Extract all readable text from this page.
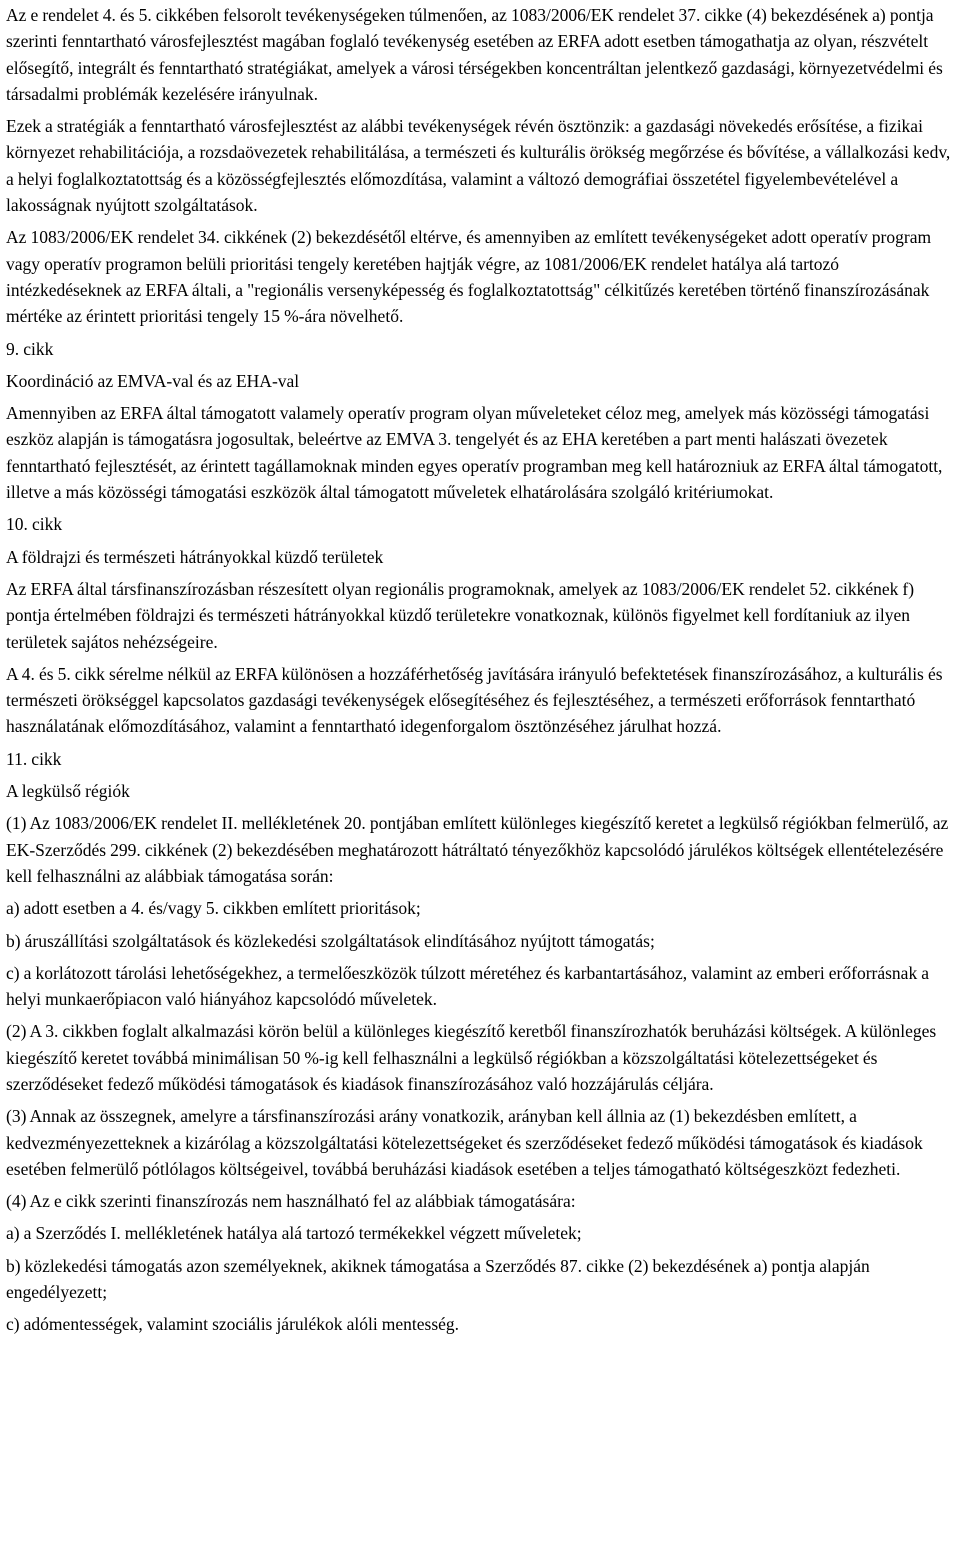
Az e rendelet 4. és 5. cikkében felsorolt tevékenységeken túlmenően, az 1083/2006/EK rendelet 37. cikke (4) bekezdésének a) pontja szerinti fenntartható városfejlesztést magában foglaló tevékenység esetében az ERFA adott esetben támogathatja az olyan, részvételt elősegítő, integrált és fenntartható stratégiákat, amelyek a városi térségekben koncentráltan jelentkező gazdasági, környezetvédelmi és társadalmi problémák kezelésére irányulnak.

Ezek a stratégiák a fenntartható városfejlesztést az alábbi tevékenységek révén ösztönzik: a gazdasági növekedés erősítése, a fizikai környezet rehabilitációja, a rozsdaövezetek rehabilitálása, a természeti és kulturális örökség megőrzése és bővítése, a vállalkozási kedv, a helyi foglalkoztatottság és a közösségfejlesztés előmozdítása, valamint a változó demográfiai összetétel figyelembevételével a lakosságnak nyújtott szolgáltatások.

Az 1083/2006/EK rendelet 34. cikkének (2) bekezdésétől eltérve, és amennyiben az említett tevékenységeket adott operatív program vagy operatív programon belüli prioritási tengely keretében hajtják végre, az 1081/2006/EK rendelet hatálya alá tartozó intézkedéseknek az ERFA általi, a "regionális versenyképesség és foglalkoztatottság" célkitűzés keretében történő finanszírozásának mértéke az érintett prioritási tengely 15 %-ára növelhető.

9. cikk

Koordináció az EMVA-val és az EHA-val

Amennyiben az ERFA által támogatott valamely operatív program olyan műveleteket céloz meg, amelyek más közösségi támogatási eszköz alapján is támogatásra jogosultak, beleértve az EMVA 3. tengelyét és az EHA keretében a part menti halászati övezetek fenntartható fejlesztését, az érintett tagállamoknak minden egyes operatív programban meg kell határozniuk az ERFA által támogatott, illetve a más közösségi támogatási eszközök által támogatott műveletek elhatárolására szolgáló kritériumokat.

10. cikk

A földrajzi és természeti hátrányokkal küzdő területek

Az ERFA által társfinanszírozásban részesített olyan regionális programoknak, amelyek az 1083/2006/EK rendelet 52. cikkének f) pontja értelmében földrajzi és természeti hátrányokkal küzdő területekre vonatkoznak, különös figyelmet kell fordítaniuk az ilyen területek sajátos nehézségeire.

A 4. és 5. cikk sérelme nélkül az ERFA különösen a hozzáférhetőség javítására irányuló befektetések finanszírozásához, a kulturális és természeti örökséggel kapcsolatos gazdasági tevékenységek elősegítéséhez és fejlesztéséhez, a természeti erőforrások fenntartható használatának előmozdításához, valamint a fenntartható idegenforgalom ösztönzéséhez járulhat hozzá.

11. cikk

A legkülső régiók

(1) Az 1083/2006/EK rendelet II. mellékletének 20. pontjában említett különleges kiegészítő keretet a legkülső régiókban felmerülő, az EK-Szerződés 299. cikkének (2) bekezdésében meghatározott hátráltató tényezőkhöz kapcsolódó járulékos költségek ellentételezésére kell felhasználni az alábbiak támogatása során:

a) adott esetben a 4. és/vagy 5. cikkben említett prioritások;

b) áruszállítási szolgáltatások és közlekedési szolgáltatások elindításához nyújtott támogatás;

c) a korlátozott tárolási lehetőségekhez, a termelőeszközök túlzott méretéhez és karbantartásához, valamint az emberi erőforrásnak a helyi munkaerőpiacon való hiányához kapcsolódó műveletek.

(2) A 3. cikkben foglalt alkalmazási körön belül a különleges kiegészítő keretből finanszírozhatók beruházási költségek. A különleges kiegészítő keretet továbbá minimálisan 50 %-ig kell felhasználni a legkülső régiókban a közszolgáltatási kötelezettségeket és szerződéseket fedező működési támogatások és kiadások finanszírozásához való hozzájárulás céljára.

(3) Annak az összegnek, amelyre a társfinanszírozási arány vonatkozik, arányban kell állnia az (1) bekezdésben említett, a kedvezményezetteknek a kizárólag a közszolgáltatási kötelezettségeket és szerződéseket fedező működési támogatások és kiadások esetében felmerülő pótlólagos költségeivel, továbbá beruházási kiadások esetében a teljes támogatható költségeszközt fedezheti.

(4) Az e cikk szerinti finanszírozás nem használható fel az alábbiak támogatására:

a) a Szerződés I. mellékletének hatálya alá tartozó termékekkel végzett műveletek;

b) közlekedési támogatás azon személyeknek, akiknek támogatása a Szerződés 87. cikke (2) bekezdésének a) pontja alapján engedélyezett;

c) adómentességek, valamint szociális járulékok alóli mentesség.
